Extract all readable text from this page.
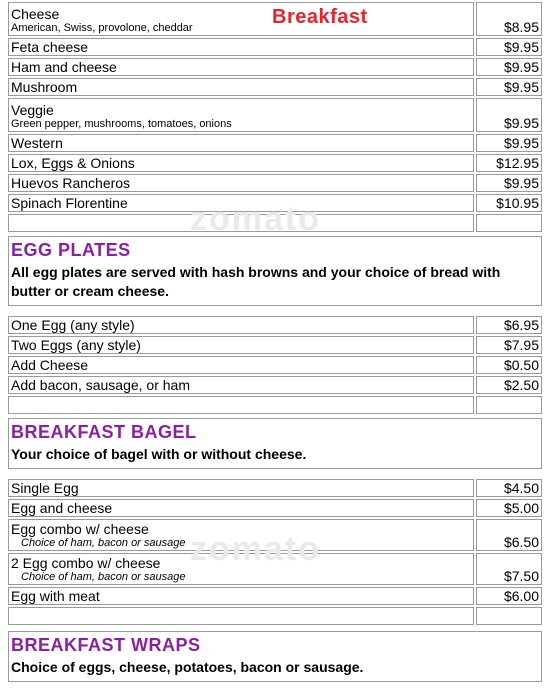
Breakfast
Cheese
American, Swiss, provolone, cheddar	$8.95
Feta cheese	$9.95
Ham and cheese	$9.95
Mushroom	$9.95
Veggie
Green pepper, mushrooms, tomatoes, onions	$9.95
Western	$9.95
Lox, Eggs & Onions	$12.95
Huevos Rancheros	$9.95
Spinach Florentine	$10.95

EGG PLATES

All egg plates are served with hash browns and your choice of bread with butter or cream cheese.

One Egg (any style)	$6.95
Two Eggs (any style)	$7.95
Add Cheese	$0.50
Add bacon, sausage, or ham	$2.50

BREAKFAST BAGEL

Your choice of bagel with or without cheese.

Single Egg	$4.50
Egg and cheese	$5.00
Egg combo w/ cheese
Choice of ham, bacon or sausage	$6.50
2 Egg combo w/ cheese
Choice of ham, bacon or sausage	$7.50
Egg with meat	$6.00

BREAKFAST WRAPS

Choice of eggs, cheese, potatoes, bacon or sausage.

zomato
zomato
